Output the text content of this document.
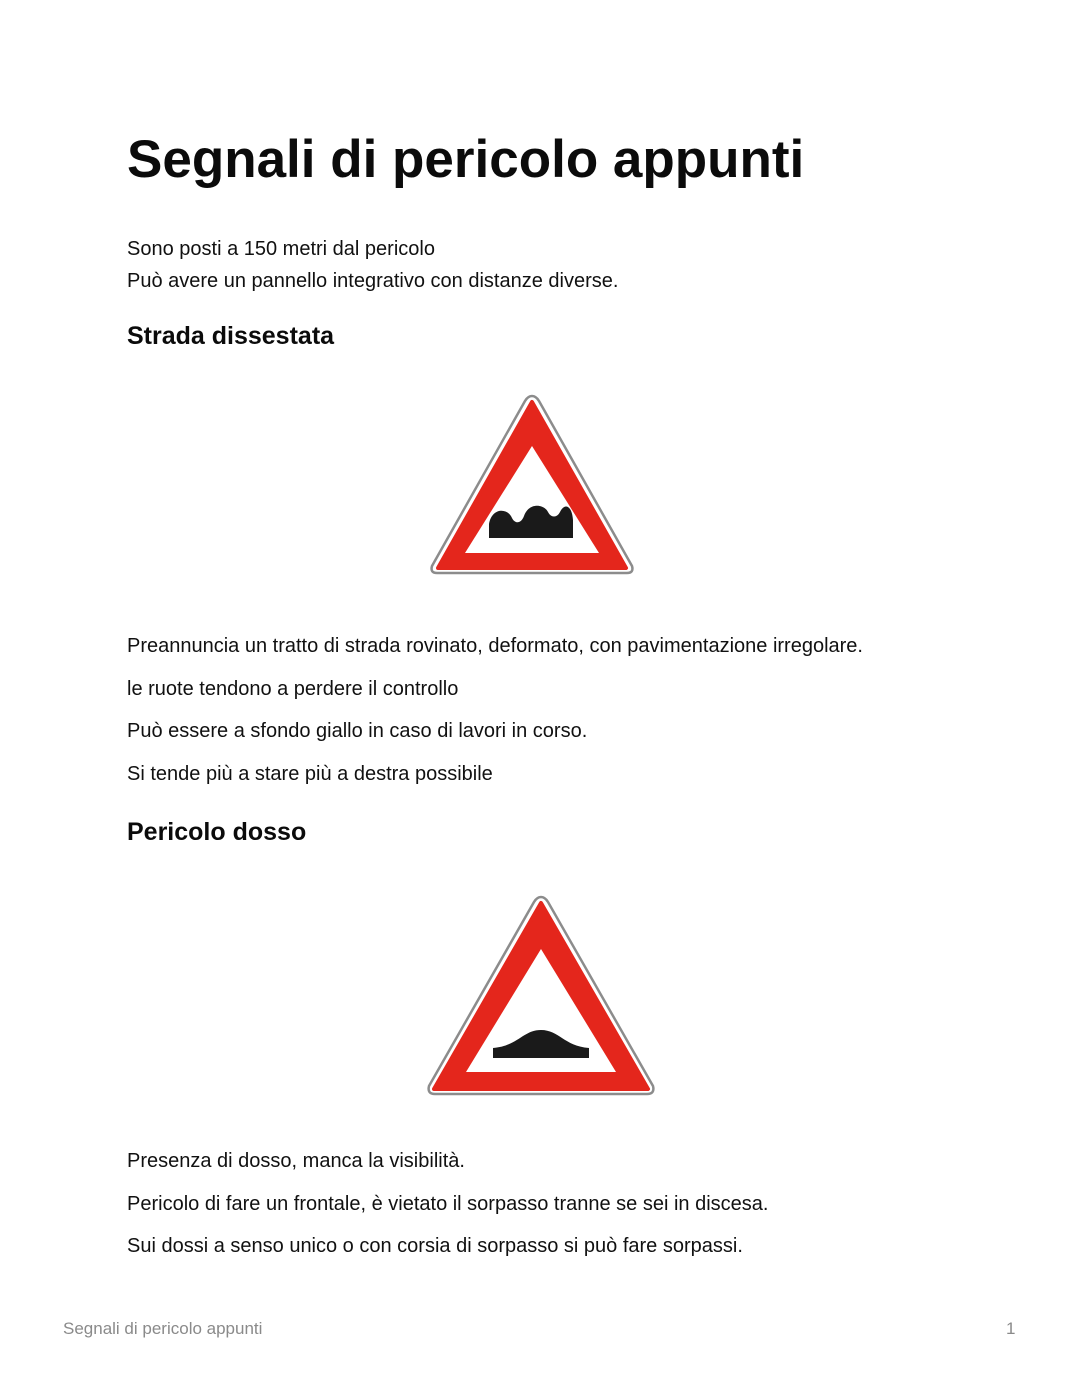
Segnali di pericolo appunti

Sono posti a 150 metri dal pericolo

Può avere un pannello integrativo con distanze diverse.

Strada dissestata

Preannuncia un tratto di strada rovinato, deformato, con pavimentazione irregolare.

le ruote tendono a perdere il controllo

Può essere a sfondo giallo in caso di lavori in corso.

Si tende più a stare più a destra possibile

Pericolo dosso

Presenza di dosso, manca la visibilità.

Pericolo di fare un frontale, è vietato il sorpasso tranne se sei in discesa.

Sui dossi a senso unico o con corsia di sorpasso si può fare sorpassi.

Segnali di pericolo appunti	1
